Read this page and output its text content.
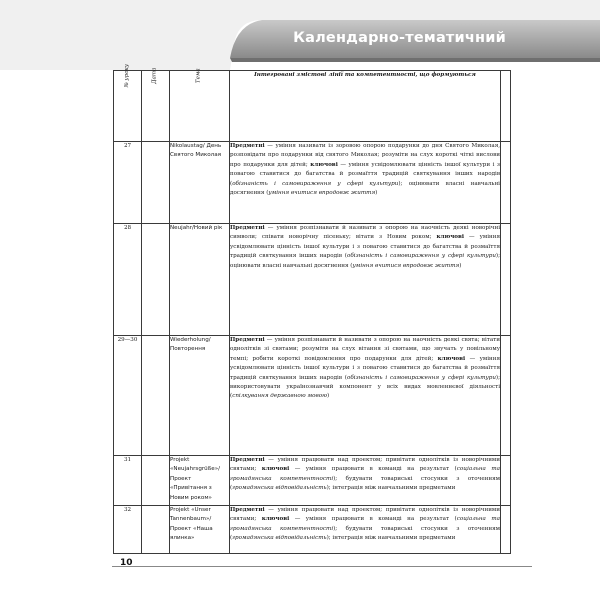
Календарно-тематичний
№ уроку	Дата	Тема	Інтегровані змістові лінії та компетентності, що формуються	
27		Nikolaustag/ День Святого Миколая	Предметні — уміння називати із зоровою опорою подарунки до дня Святого Миколая, розповідати про подарунки від святого Миколая; розуміти на слух короткі чіткі вислови про подарунки для дітей; ключові — уміння усвідомлювати цінність іншої культури і з повагою ставитися до багатства й розмаїття традицій святкування інших народів (обізнаність і самовираження у сфері культури); оцінювати власні навчальні досягнення (уміння вчитися впродовж життя)	
28		Neujahr/Новий рік	Предметні — уміння розпізнавати й називати з опорою на наочність деякі новорічні символи; співати новорічну пісеньку; вітати з Новим роком; ключові — уміння усвідомлювати цінність іншої культури і з повагою ставитися до багатства й розмаїття традицій святкування інших народів (обізнаність і самовираження у сфері культури); оцінювати власні навчальні досягнення (уміння вчитися впродовж життя)	
29—30		Wiederholung/ Повторення	Предметні — уміння розпізнавати й називати з опорою на наочність деякі свята; вітати однолітків зі святами; розуміти на слух вітання зі святами, що звучать у повільному темпі; робити короткі повідомлення про подарунки для дітей; ключові — уміння усвідомлювати цінність іншої культури і з повагою ставитися до багатства й розмаїття традицій святкування інших народів (обізнаність і самовираження у сфері культури); використовувати українознавчий компонент у всіх видах мовленнєвої діяльності (спілкування державною мовою)	
31		Projekt «Neujahrsgrüße»/ Проект «Привітання з Новим роком»	Предметні — уміння працювати над проектом; привітати однолітків із новорічними святами; ключові — уміння працювати в команді на результат (соціальна та громадянська компетентності); будувати товариські стосунки з оточенням (громадянська відповідальність); інтеграція між навчальними предметами	
32		Projekt «Unser Tannenbaum»/ Проект «Наша ялинка»	Предметні — уміння працювати над проектом; привітати однолітків із новорічними святами; ключові — уміння працювати в команді на результат (соціальна та громадянська компетентності); будувати товариські стосунки з оточенням (громадянська відповідальність); інтеграція між навчальними предметами	
10
